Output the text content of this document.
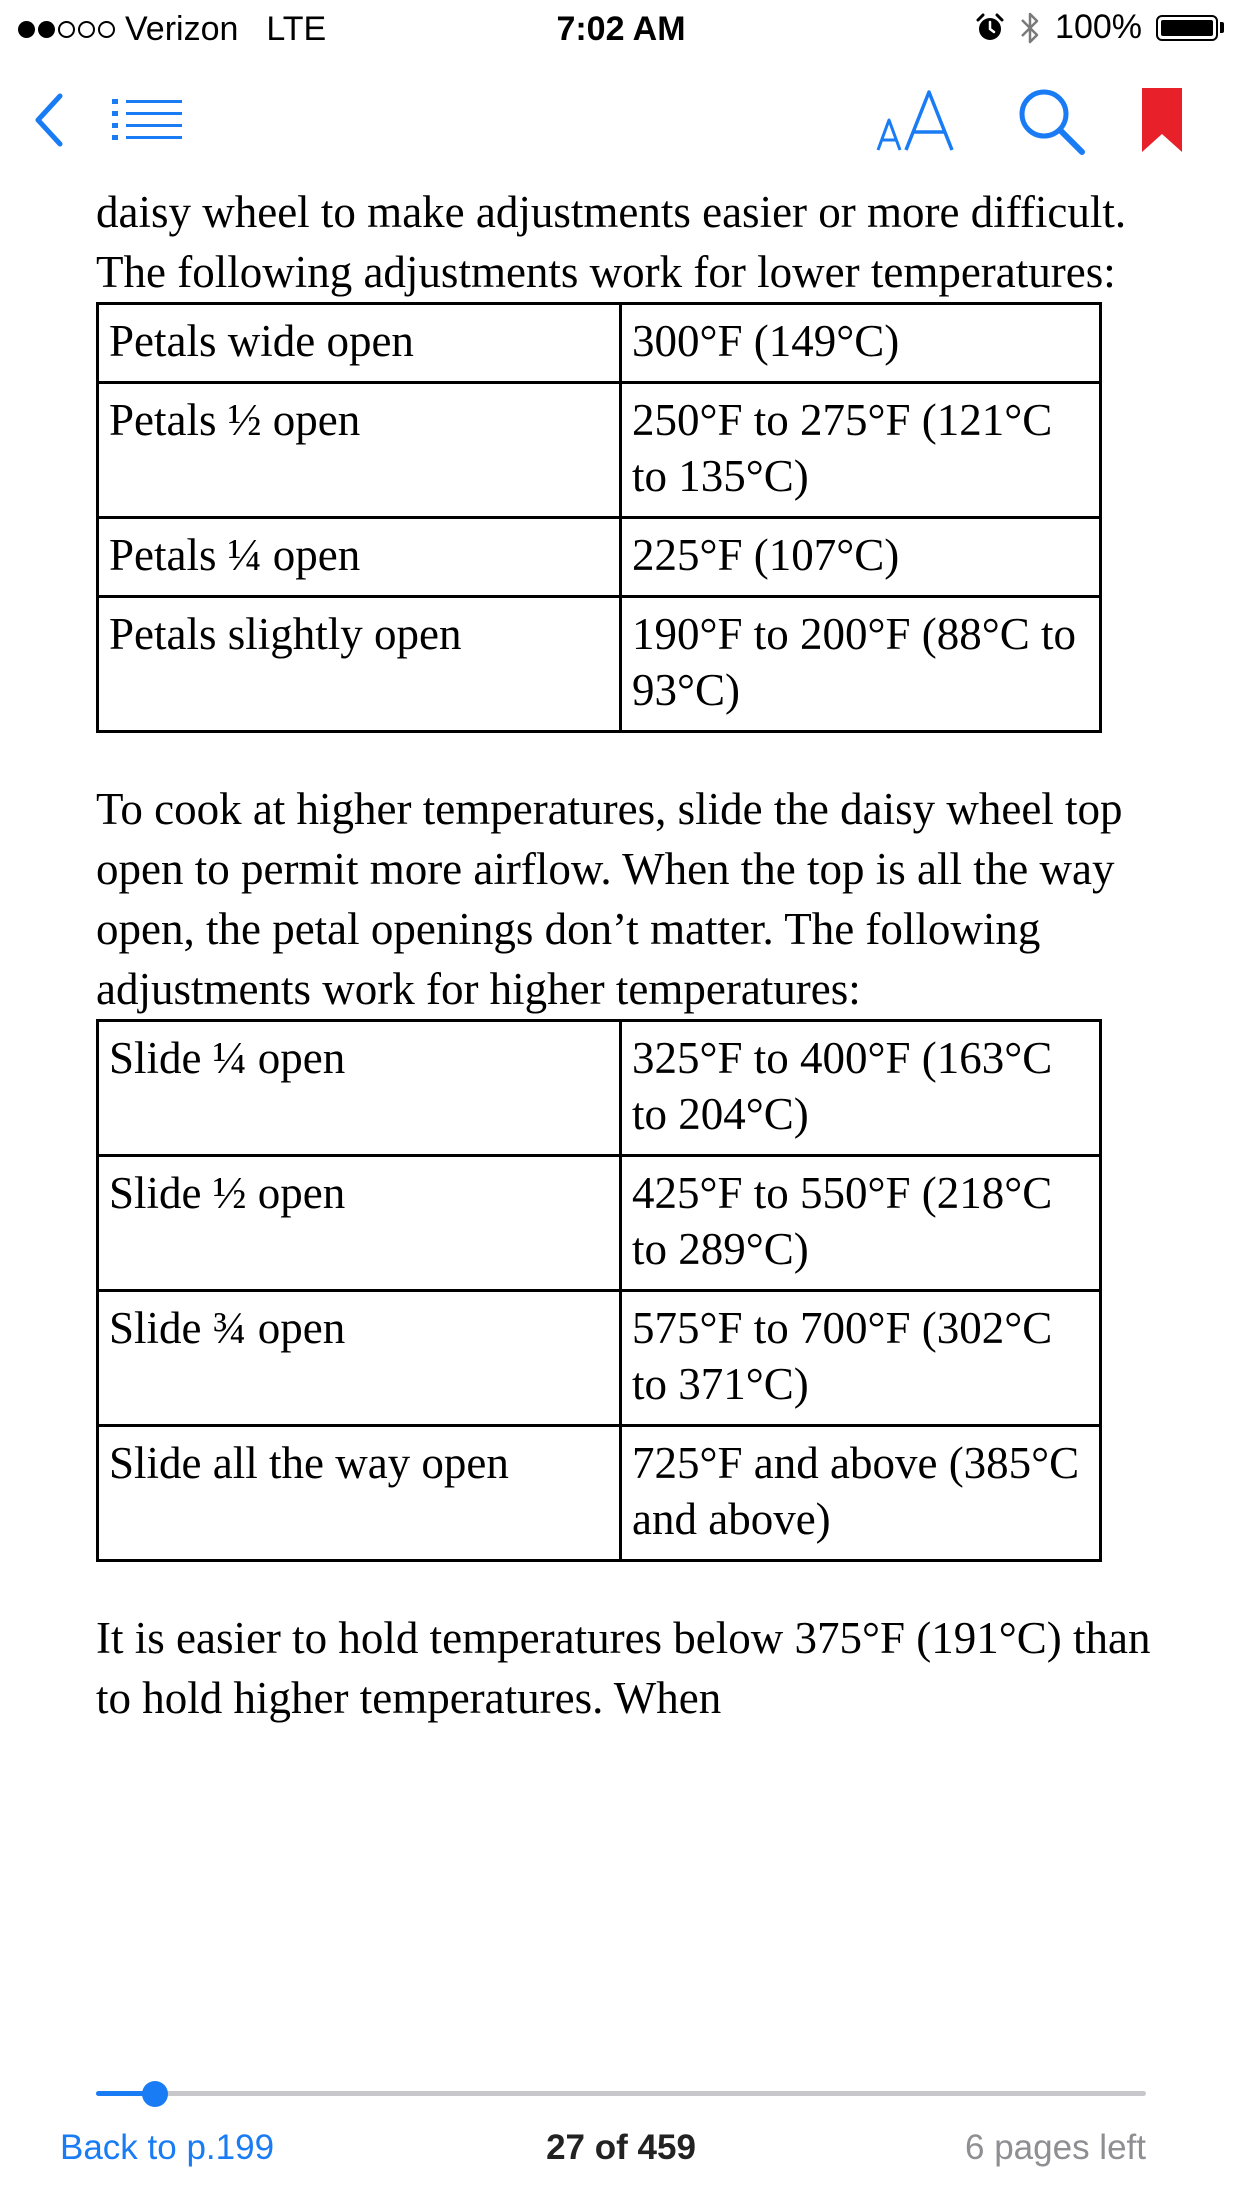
Verizon LTE	7:02 AM	100%

daisy wheel to make adjustments easier or more difficult. The following adjustments work for lower temperatures:

Petals wide open	300°F (149°C)
Petals ½ open	250°F to 275°F (121°C to 135°C)
Petals ¼ open	225°F (107°C)
Petals slightly open	190°F to 200°F (88°C to 93°C)

To cook at higher temperatures, slide the daisy wheel top open to permit more airflow. When the top is all the way open, the petal openings don’t matter. The following adjustments work for higher temperatures:

Slide ¼ open	325°F to 400°F (163°C to 204°C)
Slide ½ open	425°F to 550°F (218°C to 289°C)
Slide ¾ open	575°F to 700°F (302°C to 371°C)
Slide all the way open	725°F and above (385°C and above)

It is easier to hold temperatures below 375°F (191°C) than to hold higher temperatures. When

Back to p.199	27 of 459	6 pages left
